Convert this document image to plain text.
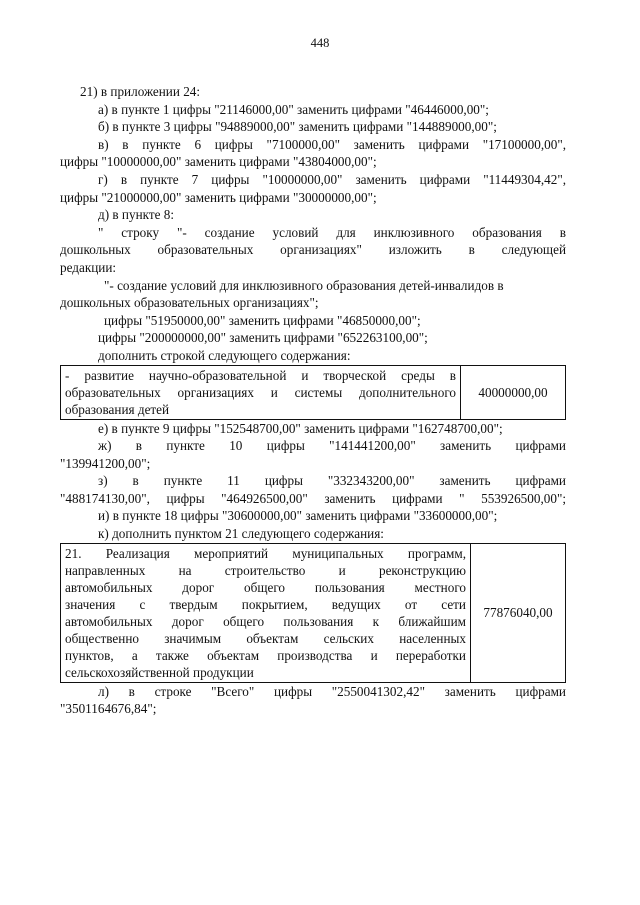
448
21) в приложении 24:
а) в пункте 1 цифры "21146000,00" заменить цифрами "46446000,00";
б) в пункте 3 цифры "94889000,00" заменить цифрами "144889000,00";
в) в пункте 6 цифры "7100000,00" заменить цифрами "17100000,00",
цифры "10000000,00" заменить цифрами "43804000,00";
г) в пункте 7 цифры "10000000,00" заменить цифрами "11449304,42",
цифры "21000000,00" заменить цифрами "30000000,00";
д) в пункте 8:
" строку "- создание условий для инклюзивного образования в
дошкольных образовательных организациях" изложить в следующей
редакции:
"- создание условий для инклюзивного образования детей-инвалидов в
дошкольных образовательных организациях";
цифры "51950000,00" заменить цифрами "46850000,00";
цифры "200000000,00" заменить цифрами "652263100,00";
дополнить строкой следующего содержания:
- развитие научно-образовательной и творческой среды в
образовательных организациях и системы дополнительного
образования детей
	40000000,00
е) в пункте 9 цифры "152548700,00" заменить цифрами "162748700,00";
ж) в пункте 10 цифры "141441200,00" заменить цифрами
"139941200,00";
з) в пункте 11 цифры "332343200,00" заменить цифрами
"488174130,00", цифры "464926500,00" заменить цифрами " 553926500,00";
и) в пункте 18 цифры "30600000,00" заменить цифрами "33600000,00";
к) дополнить пунктом 21 следующего содержания:
21. Реализация мероприятий муниципальных программ,
направленных на строительство и реконструкцию
автомобильных дорог общего пользования местного
значения с твердым покрытием, ведущих от сети
автомобильных дорог общего пользования к ближайшим
общественно значимым объектам сельских населенных
пунктов, а также объектам производства и переработки
сельскохозяйственной продукции
	77876040,00
л) в строке "Всего" цифры "2550041302,42" заменить цифрами
"3501164676,84";
